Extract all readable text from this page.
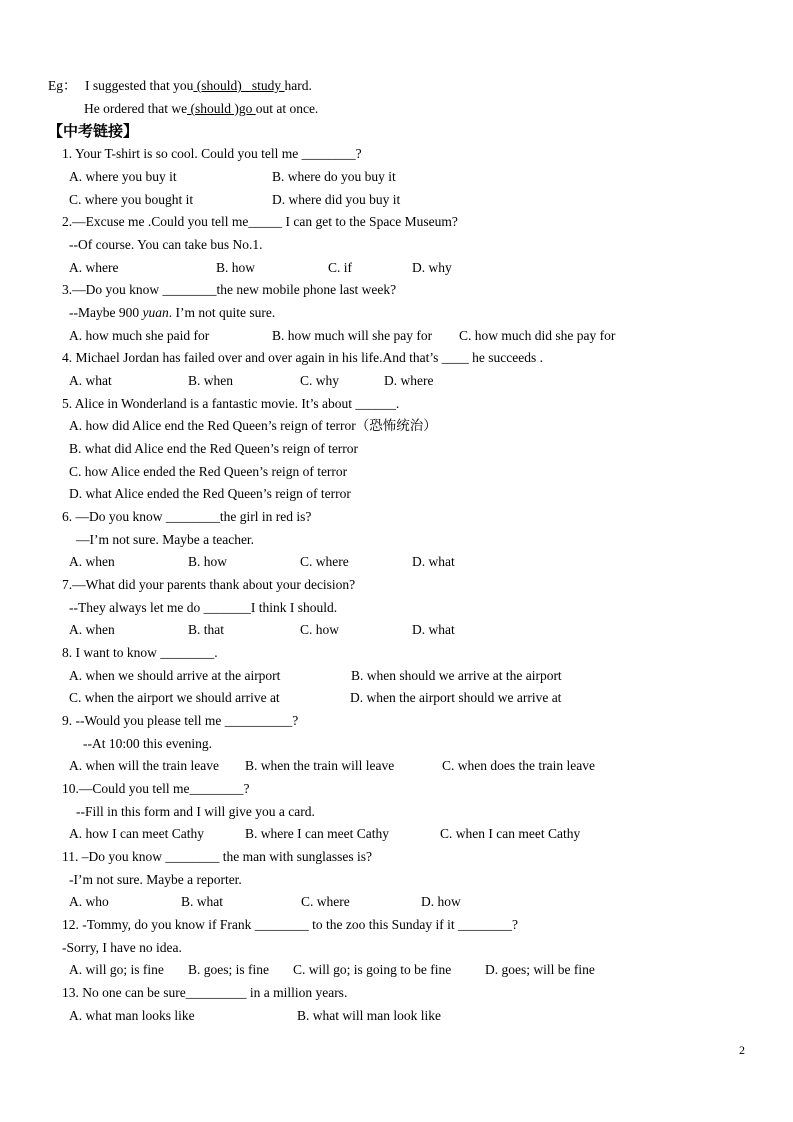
Eg： I suggested that you (should)   study hard.
He ordered that we (should )go out at once.
【中考链接】
1. Your T-shirt is so cool. Could you tell me ________?
A. where you buy it	B. where do you buy it
C. where you bought it	D. where did you buy it
2.—Excuse me .Could you tell me_____ I can get to the Space Museum?
--Of course. You can take bus No.1.
A. where	B. how	C. if	D. why
3.—Do you know ________the new mobile phone last week?
--Maybe 900 yuan. I’m not quite sure.
A. how much she paid for	B. how much will she pay for C. how much did she pay for
4. Michael Jordan has failed over and over again in his life.And that’s ____ he succeeds .
A. what	B. when	C. why	D. where
5. Alice in Wonderland is a fantastic movie. It’s about ______.
A. how did Alice end the Red Queen’s reign of terror（恐怖统治）
B. what did Alice end the Red Queen’s reign of terror
C. how Alice ended the Red Queen’s reign of terror
D. what Alice ended the Red Queen’s reign of terror
6. —Do you know ________the girl in red is?
—I’m not sure. Maybe a teacher.
A. when	B. how	C. where	D. what
7.—What did your parents thank about your decision?
--They always let me do _______I think I should.
A. when	B. that	C. how	D. what
8. I want to know ________.
A. when we should arrive at the airport	B. when should we arrive at the airport
C. when the airport we should arrive at	D. when the airport should we arrive at
9. --Would you please tell me __________?
--At 10:00 this evening.
A. when will the train leave B. when the train will leave	C. when does the train leave
10.—Could you tell me________?
--Fill in this form and I will give you a card.
A. how I can meet Cathy	B. where I can meet Cathy	C. when I can meet Cathy
11. –Do you know ________ the man with sunglasses is?
-I’m not sure. Maybe a reporter.
A. who	B. what	C. where	D. how
12. -Tommy, do you know if Frank ________ to the zoo this Sunday if it ________?
-Sorry, I have no idea.
A. will go; is fine B. goes; is fine C. will go; is going to be fine	D. goes; will be fine
13. No one can be sure_________ in a million years.
A. what man looks like	B. what will man look like
2
